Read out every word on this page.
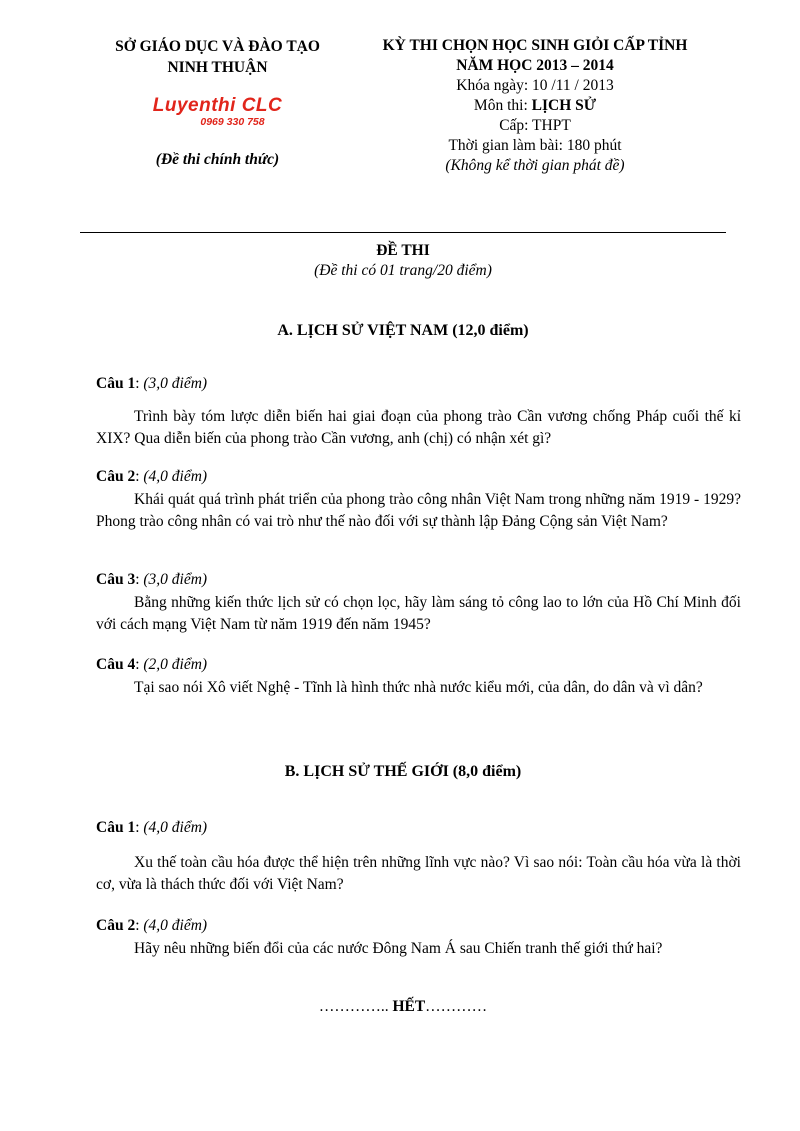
SỞ GIÁO DỤC VÀ ĐÀO TẠO
NINH THUẬN
Luyenthi CLC
0969 330 758
(Đề thi chính thức)
KỲ THI CHỌN HỌC SINH GIỎI CẤP TỈNH
NĂM HỌC 2013 – 2014
Khóa ngày: 10 /11 / 2013
Môn thi: LỊCH SỬ
Cấp: THPT
Thời gian làm bài: 180 phút
(Không kể thời gian phát đề)
ĐỀ THI
(Đề thi có 01 trang/20 điểm)
A. LỊCH SỬ VIỆT NAM (12,0 điểm)
Câu 1: (3,0 điểm)
Trình bày tóm lược diễn biến hai giai đoạn của phong trào Cần vương chống Pháp cuối thế kỉ XIX? Qua diễn biến của phong trào Cần vương, anh (chị) có nhận xét gì?
Câu 2: (4,0 điểm)
Khái quát quá trình phát triển của phong trào công nhân Việt Nam trong những năm 1919 - 1929? Phong trào công nhân có vai trò như thế nào đối với sự thành lập Đảng Cộng sản Việt Nam?
Câu 3: (3,0 điểm)
Bằng những kiến thức lịch sử có chọn lọc, hãy làm sáng tỏ công lao to lớn của Hồ Chí Minh đối với cách mạng Việt Nam từ năm 1919 đến năm 1945?
Câu 4: (2,0 điểm)
Tại sao nói Xô viết Nghệ - Tĩnh là hình thức nhà nước kiểu mới, của dân, do dân và vì dân?
B. LỊCH SỬ THẾ GIỚI (8,0 điểm)
Câu 1: (4,0 điểm)
Xu thế toàn cầu hóa được thể hiện trên những lĩnh vực nào? Vì sao nói: Toàn cầu hóa vừa là thời cơ, vừa là thách thức đối với Việt Nam?
Câu 2: (4,0 điểm)
Hãy nêu những biến đổi của các nước Đông Nam Á sau Chiến tranh thế giới thứ hai?
………….. HẾT…………
